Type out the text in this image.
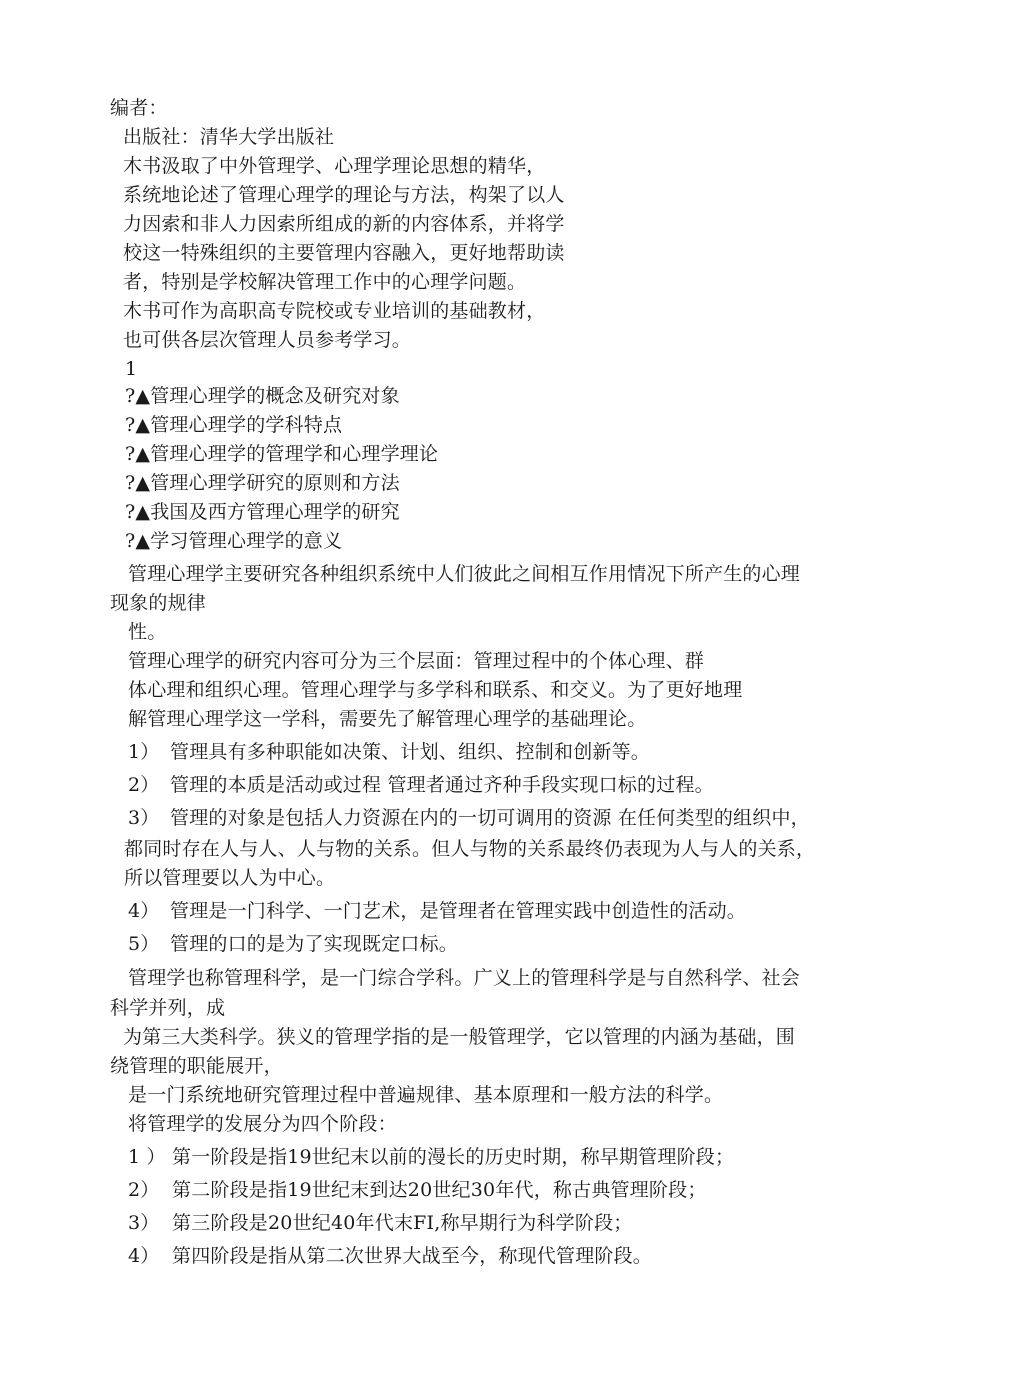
编者：
出版社：清华大学出版社
木书汲取了中外管理学、心理学理论思想的精华，
系统地论述了管理心理学的理论与方法，构架了以人
力因索和非人力因索所组成的新的内容体系，并将学
校这一特殊组织的主要管理内容融入，更好地帮助读
者，特别是学校解决管理工作中的心理学问题。
木书可作为高职高专院校或专业培训的基础教材，
也可供各层次管理人员参考学习。
1
?▲管理心理学的概念及研究对象
?▲管理心理学的学科特点
?▲管理心理学的管理学和心理学理论
?▲管理心理学研究的原则和方法
?▲我国及西方管理心理学的研究
?▲学习管理心理学的意义
管理心理学主要研究各种组织系统中人们彼此之间相互作用情况下所产生的心理
现象的规律
性。
管理心理学的研究内容可分为三个层面：管理过程中的个体心理、群
体心理和组织心理。管理心理学与多学科和联系、和交义。为了更好地理
解管理心理学这一学科，需要先了解管理心理学的基础理论。
1） 管理具有多种职能如决策、计划、组织、控制和创新等。
2） 管理的本质是活动或过程 管理者通过齐种手段实现口标的过程。
3） 管理的对象是包括人力资源在内的一切可调用的资源 在任何类型的组织中，
都同时存在人与人、人与物的关系。但人与物的关系最终仍表现为人与人的关系，
所以管理要以人为中心。
4） 管理是一门科学、一门艺术，是管理者在管理实践中创造性的活动。
5） 管理的口的是为了实现既定口标。
管理学也称管理科学，是一门综合学科。广义上的管理科学是与自然科学、社会
科学并列，成
为第三大类科学。狭义的管理学指的是一般管理学，它以管理的内涵为基础，围
绕管理的职能展开，
是一门系统地研究管理过程中普遍规律、基本原理和一般方法的科学。
将管理学的发展分为四个阶段：
1 ） 第一阶段是指19世纪末以前的漫长的历史时期，称早期管理阶段；
2） 第二阶段是指19世纪末到达20世纪30年代，称古典管理阶段；
3） 第三阶段是20世纪40年代末FI,称早期行为科学阶段；
4） 第四阶段是指从第二次世界大战至今，称现代管理阶段。
